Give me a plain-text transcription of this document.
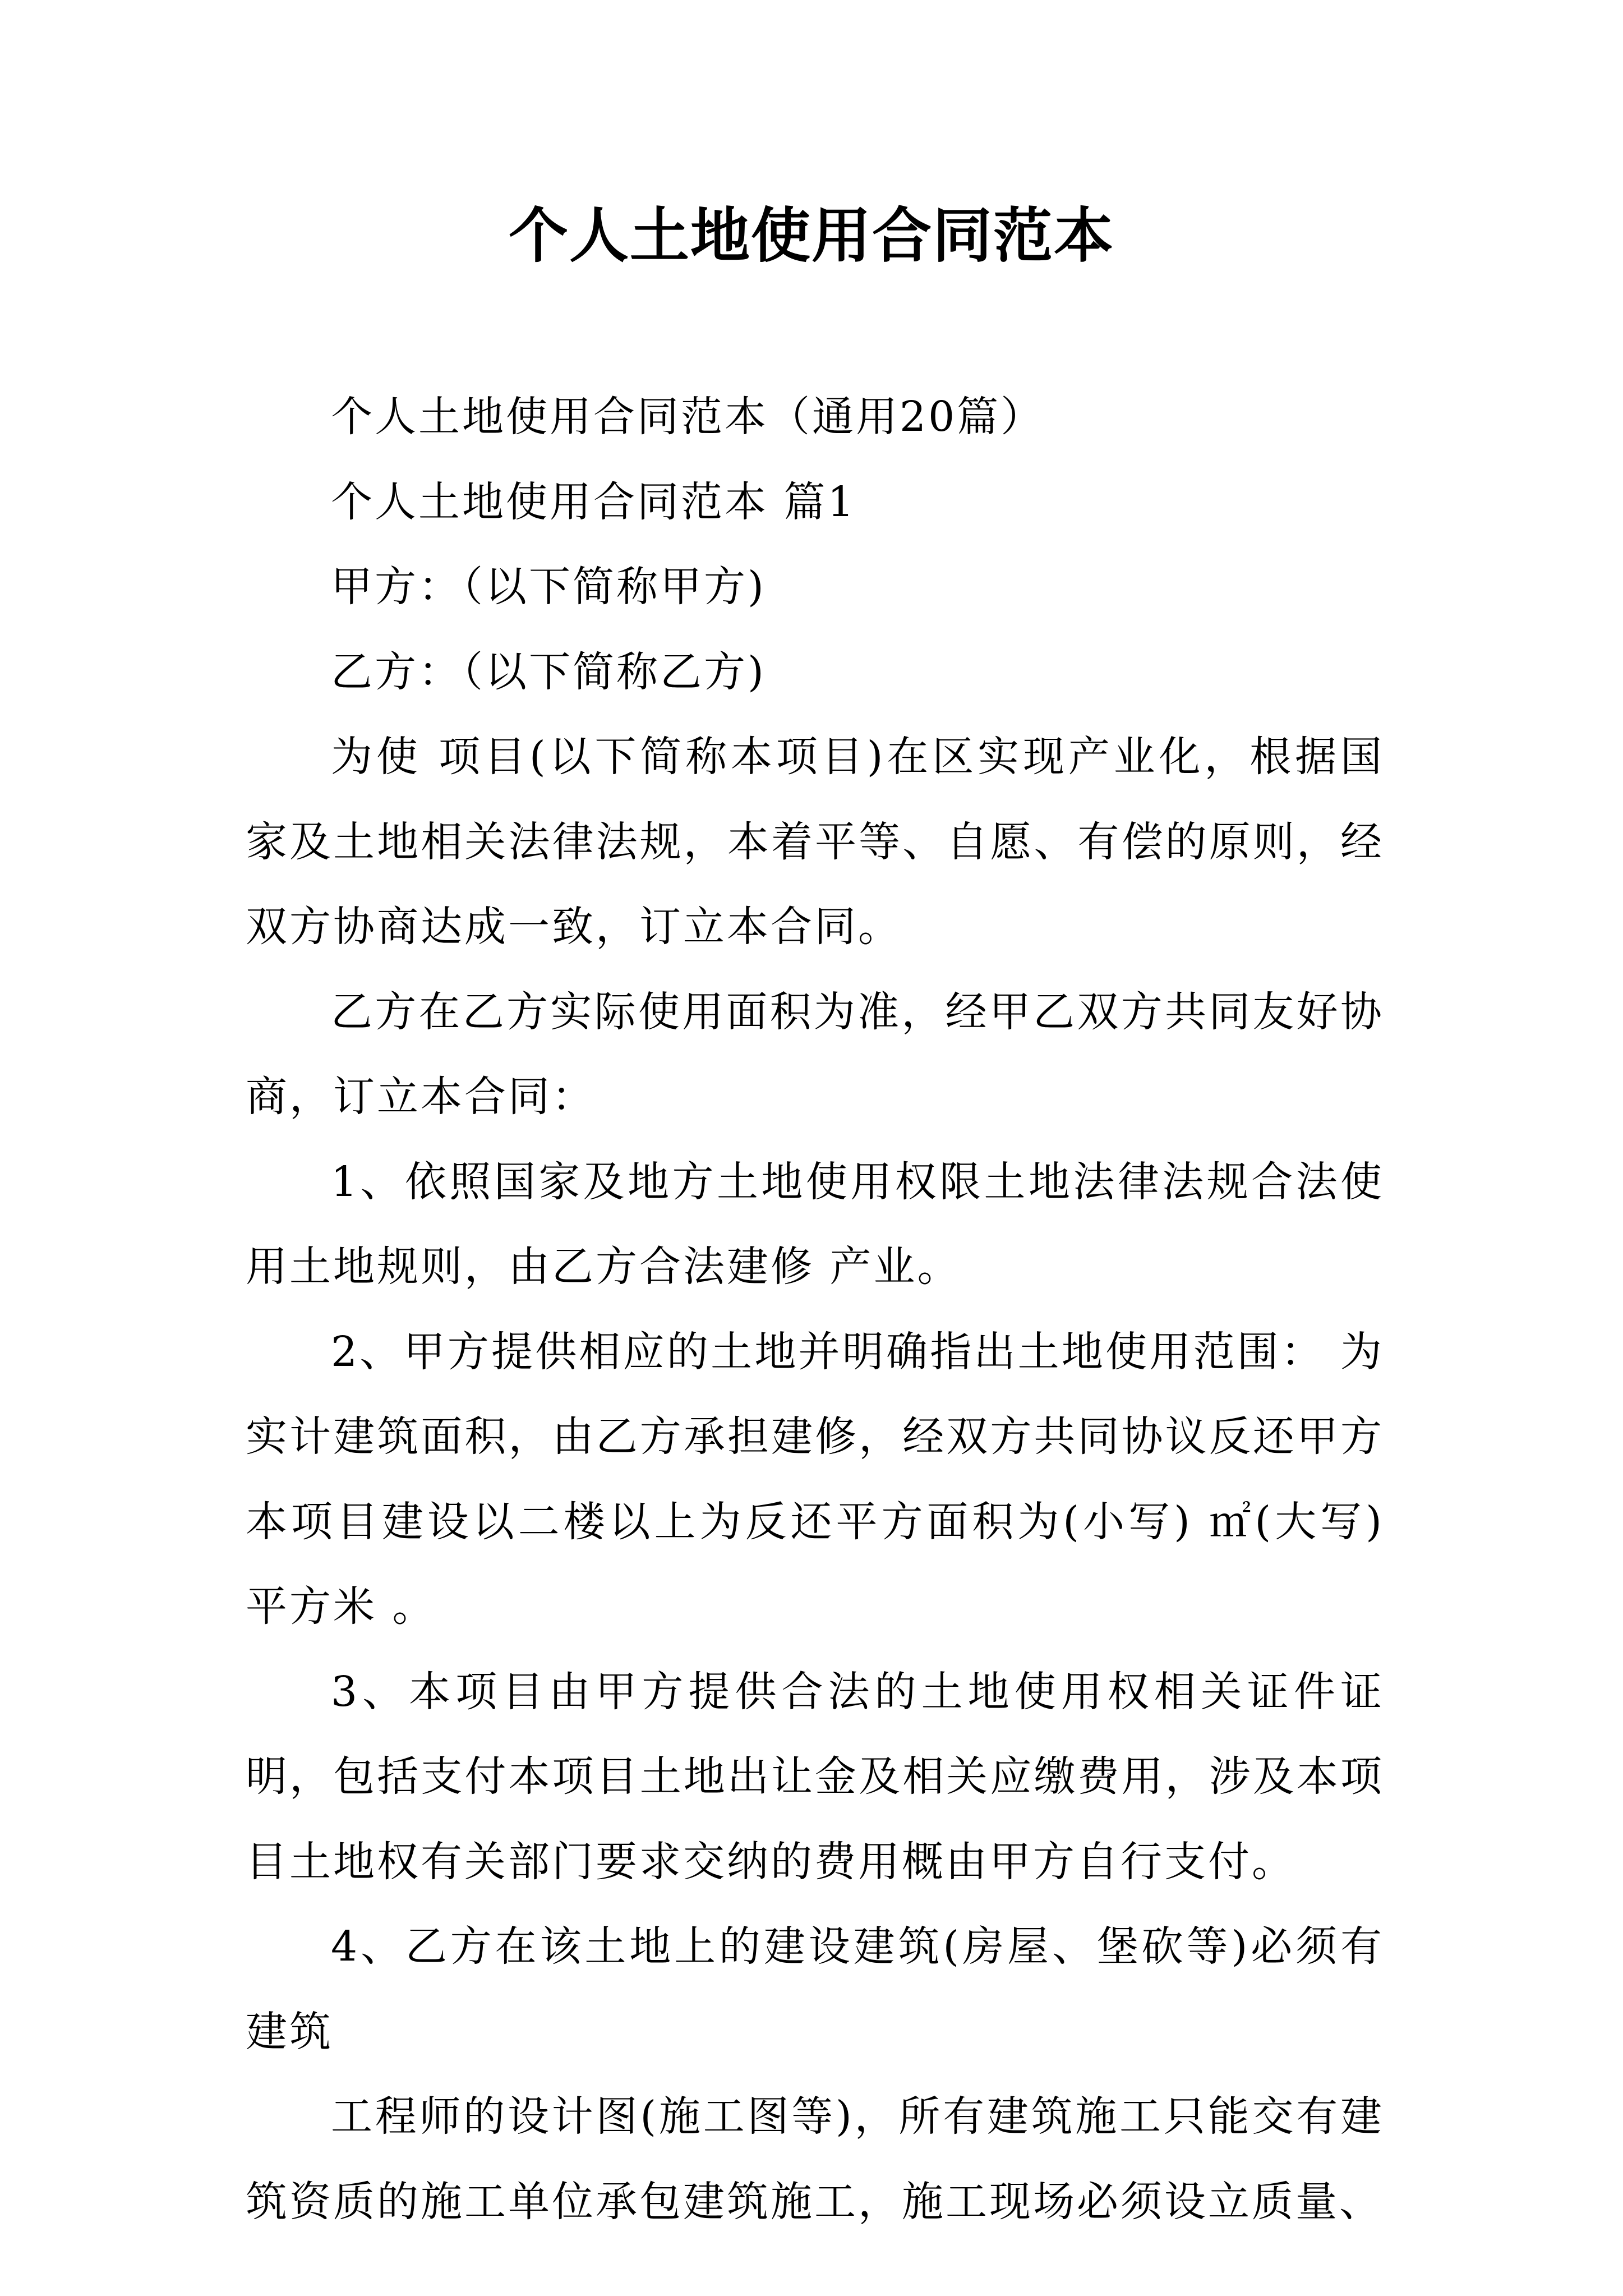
个人土地使用合同范本

个人土地使用合同范本（通用20篇）

个人土地使用合同范本 篇1

甲方：（以下简称甲方)

乙方：（以下简称乙方)

为使 项目(以下简称本项目)在区实现产业化，根据国家及土地相关法律法规，本着平等、自愿、有偿的原则，经双方协商达成一致，订立本合同。

乙方在乙方实际使用面积为准，经甲乙双方共同友好协商，订立本合同：

1、依照国家及地方土地使用权限土地法律法规合法使用土地规则，由乙方合法建修 产业。

2、甲方提供相应的土地并明确指出土地使用范围： 为实计建筑面积，由乙方承担建修，经双方共同协议反还甲方本项目建设以二楼以上为反还平方面积为(小写) ㎡(大写) 平方米 。

3、本项目由甲方提供合法的土地使用权相关证件证明，包括支付本项目土地出让金及相关应缴费用，涉及本项目土地权有关部门要求交纳的费用概由甲方自行支付。

4、乙方在该土地上的建设建筑(房屋、堡砍等)必须有建筑

工程师的设计图(施工图等)，所有建筑施工只能交有建筑资质的施工单位承包建筑施工，施工现场必须设立质量、
